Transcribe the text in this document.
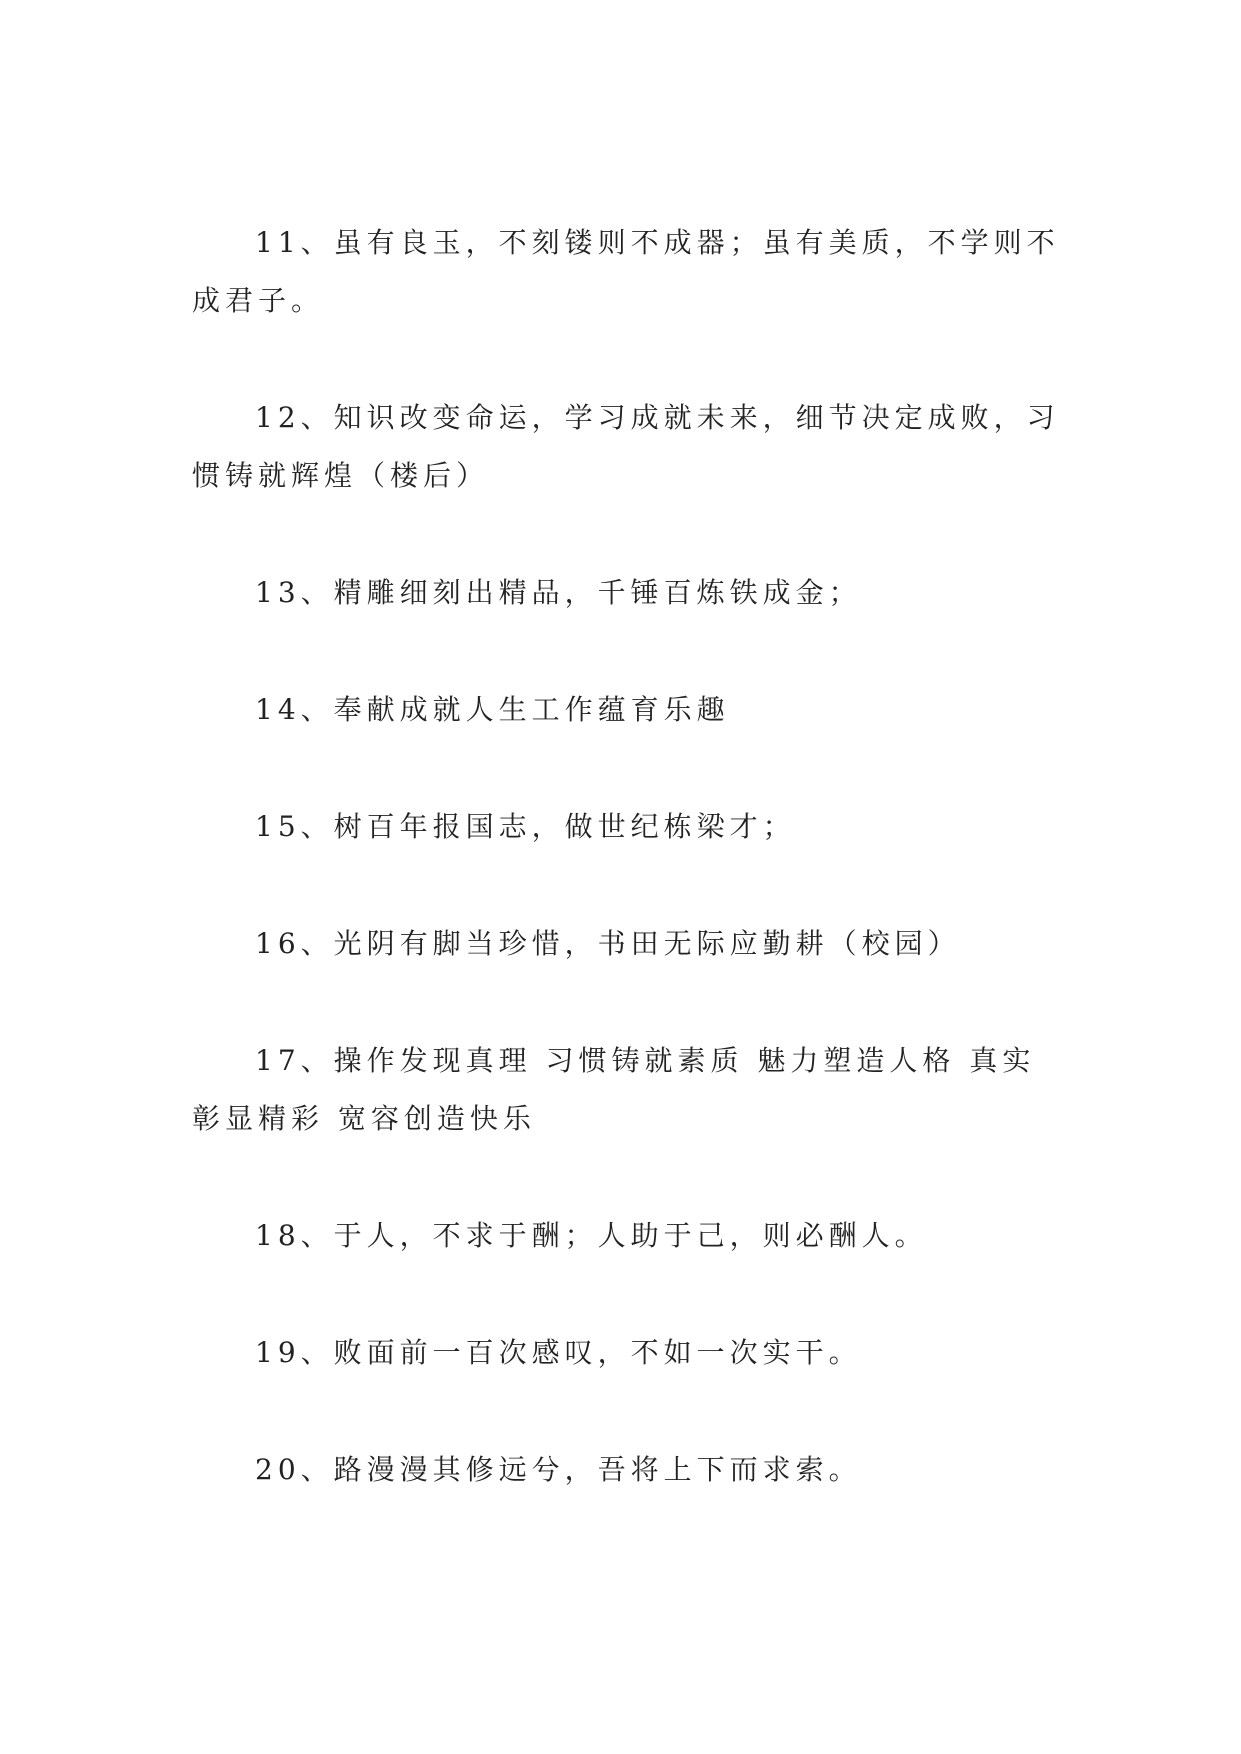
11、虽有良玉，不刻镂则不成器；虽有美质，不学则不
成君子。

12、知识改变命运，学习成就未来，细节决定成败，习
惯铸就辉煌（楼后）

13、精雕细刻出精品，千锤百炼铁成金；

14、奉献成就人生工作蕴育乐趣

15、树百年报国志，做世纪栋梁才；

16、光阴有脚当珍惜，书田无际应勤耕（校园）

17、操作发现真理 习惯铸就素质 魅力塑造人格 真实
彰显精彩 宽容创造快乐

18、于人，不求于酬；人助于己，则必酬人。

19、败面前一百次感叹，不如一次实干。

20、路漫漫其修远兮，吾将上下而求索。
